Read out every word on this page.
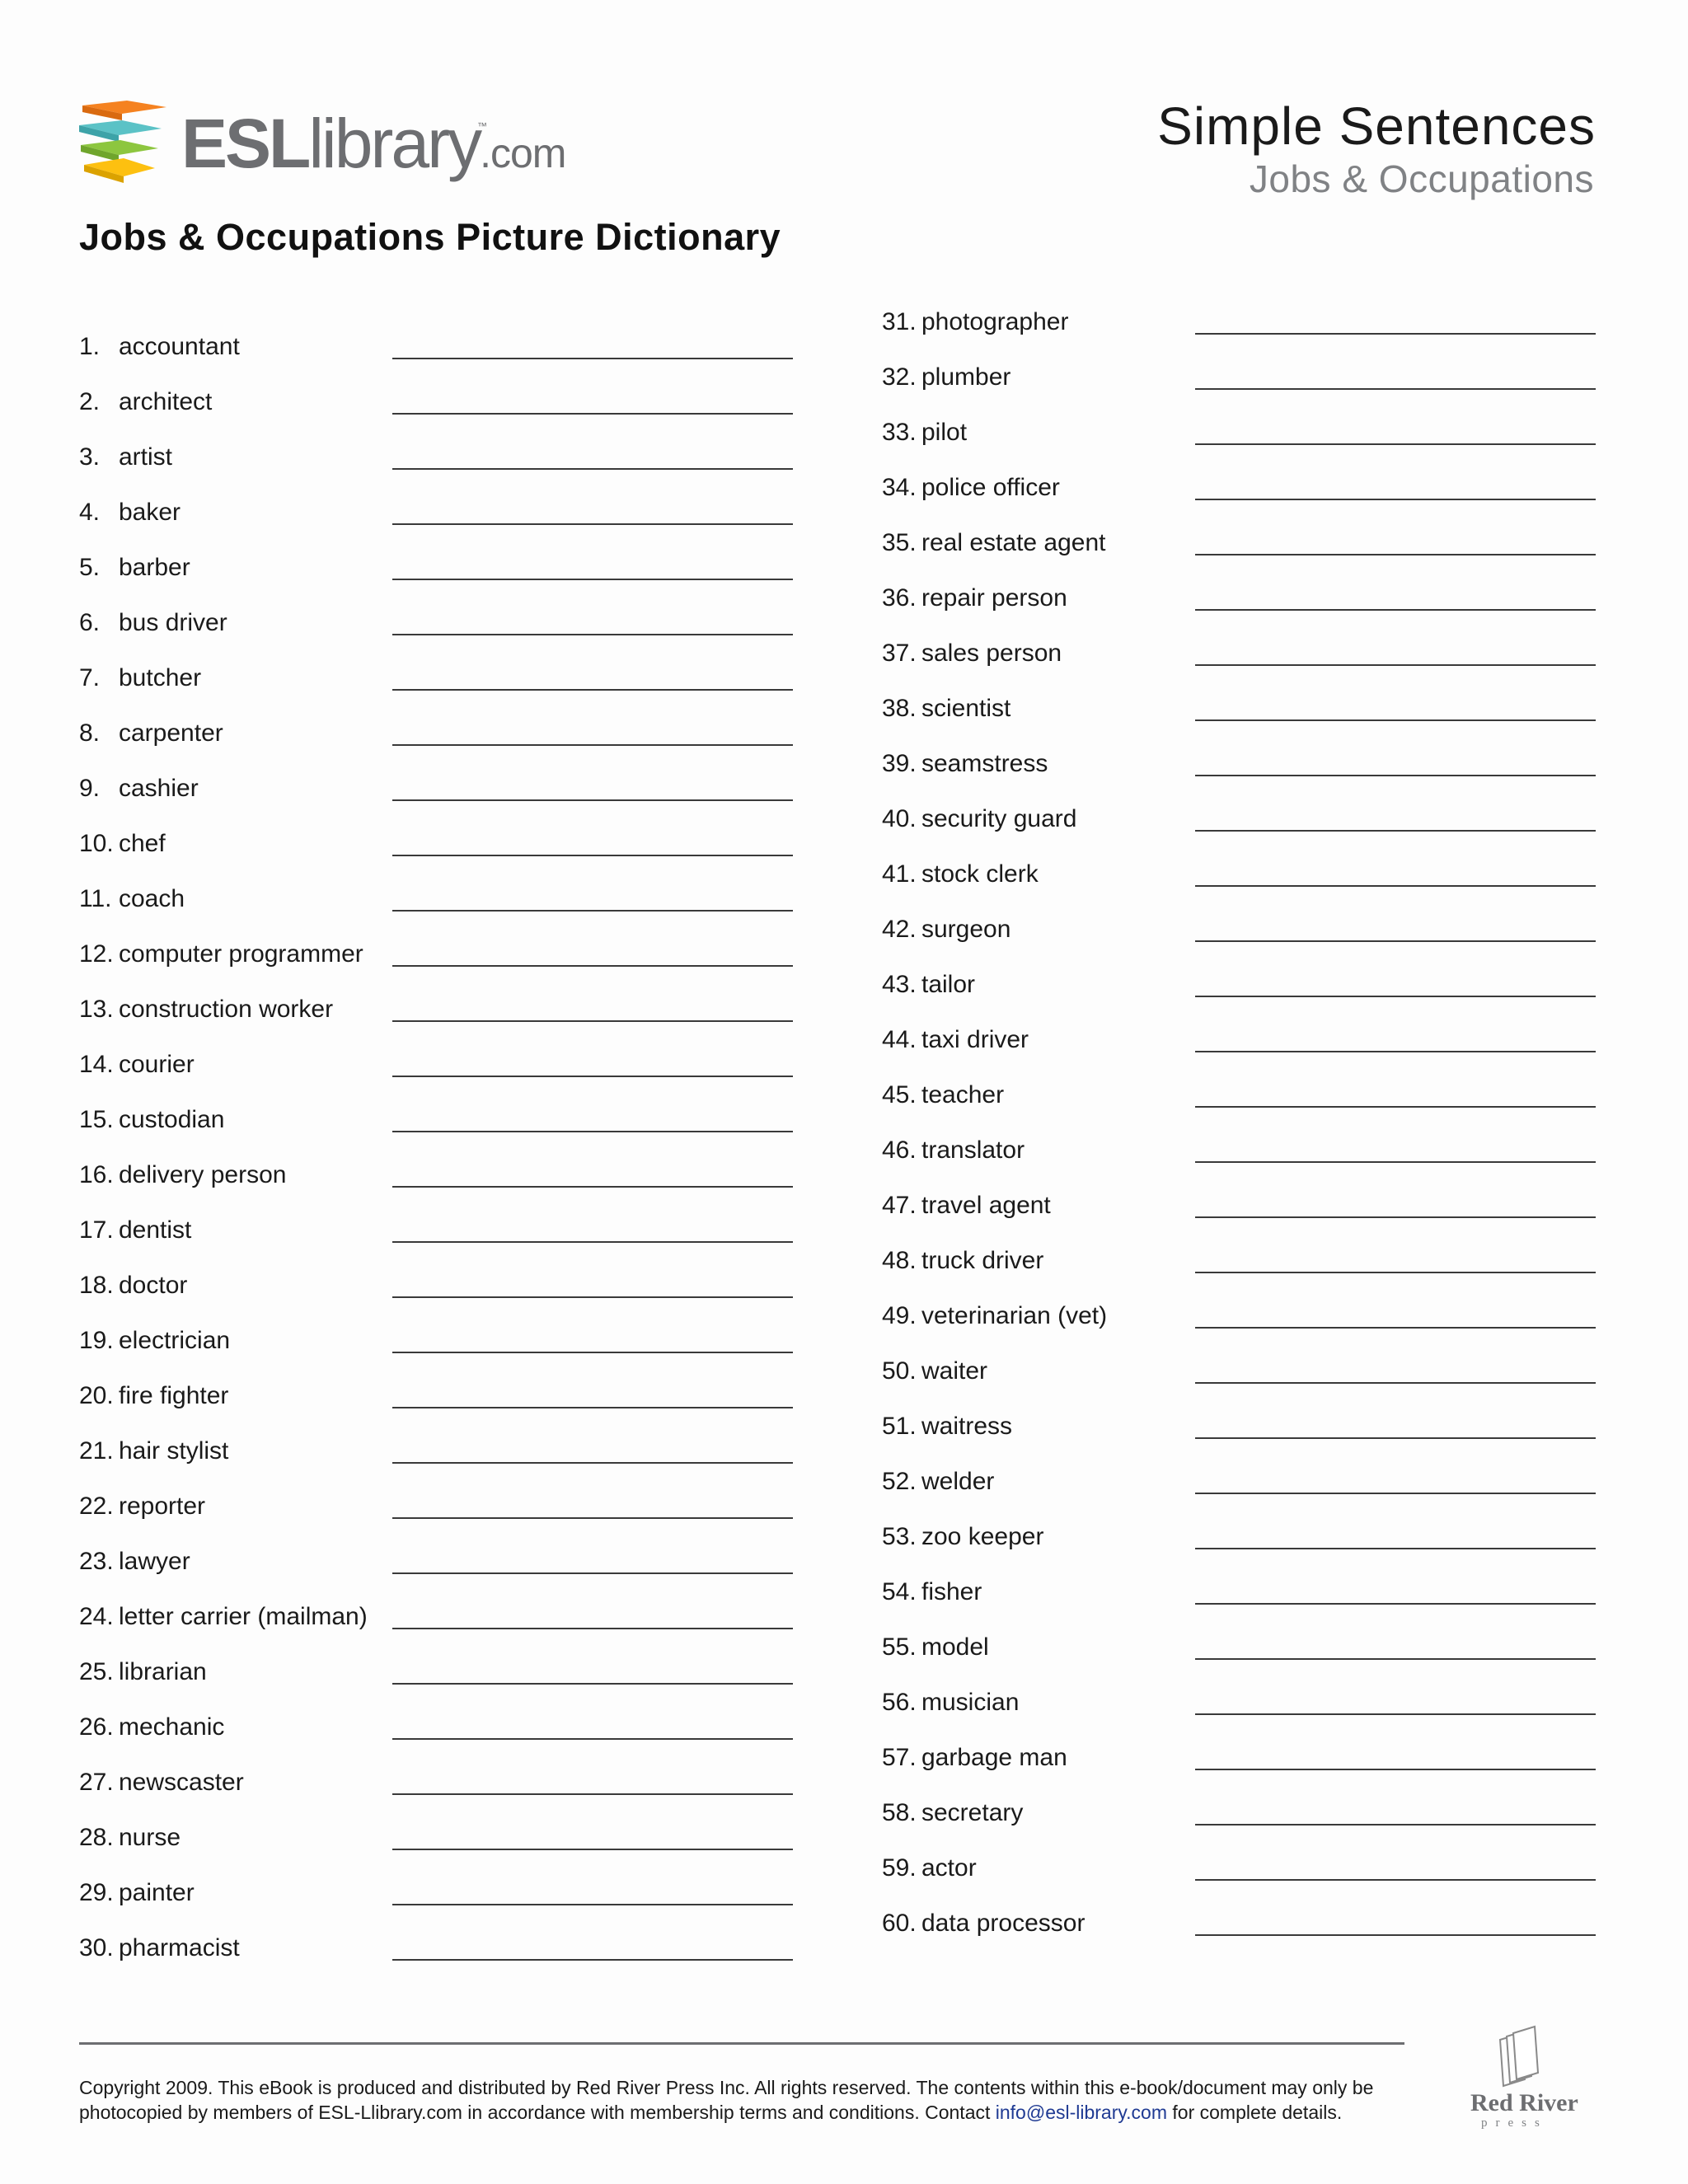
ESLlibrary.com
™	Simple Sentences
Jobs & Occupations
Jobs & Occupations Picture Dictionary
1. accountant
2. architect
3. artist
4. baker
5. barber
6. bus driver
7. butcher
8. carpenter
9. cashier
10. chef
11. coach
12. computer programmer
13. construction worker
14. courier
15. custodian
16. delivery person
17. dentist
18. doctor
19. electrician
20. fire fighter
21. hair stylist
22. reporter
23. lawyer
24. letter carrier (mailman)
25. librarian
26. mechanic
27. newscaster
28. nurse
29. painter
30. pharmacist
31. photographer
32. plumber
33. pilot
34. police officer
35. real estate agent
36. repair person
37. sales person
38. scientist
39. seamstress
40. security guard
41. stock clerk
42. surgeon
43. tailor
44. taxi driver
45. teacher
46. translator
47. travel agent
48. truck driver
49. veterinarian (vet)
50. waiter
51. waitress
52. welder
53. zoo keeper
54. fisher
55. model
56. musician
57. garbage man
58. secretary
59. actor
60. data processor
Copyright 2009. This eBook is produced and distributed by Red River Press Inc. All rights reserved. The contents within this e-book/document may only be photocopied by members of ESL-Llibrary.com in accordance with membership terms and conditions. Contact info@esl-library.com for complete details.	Red River
press
